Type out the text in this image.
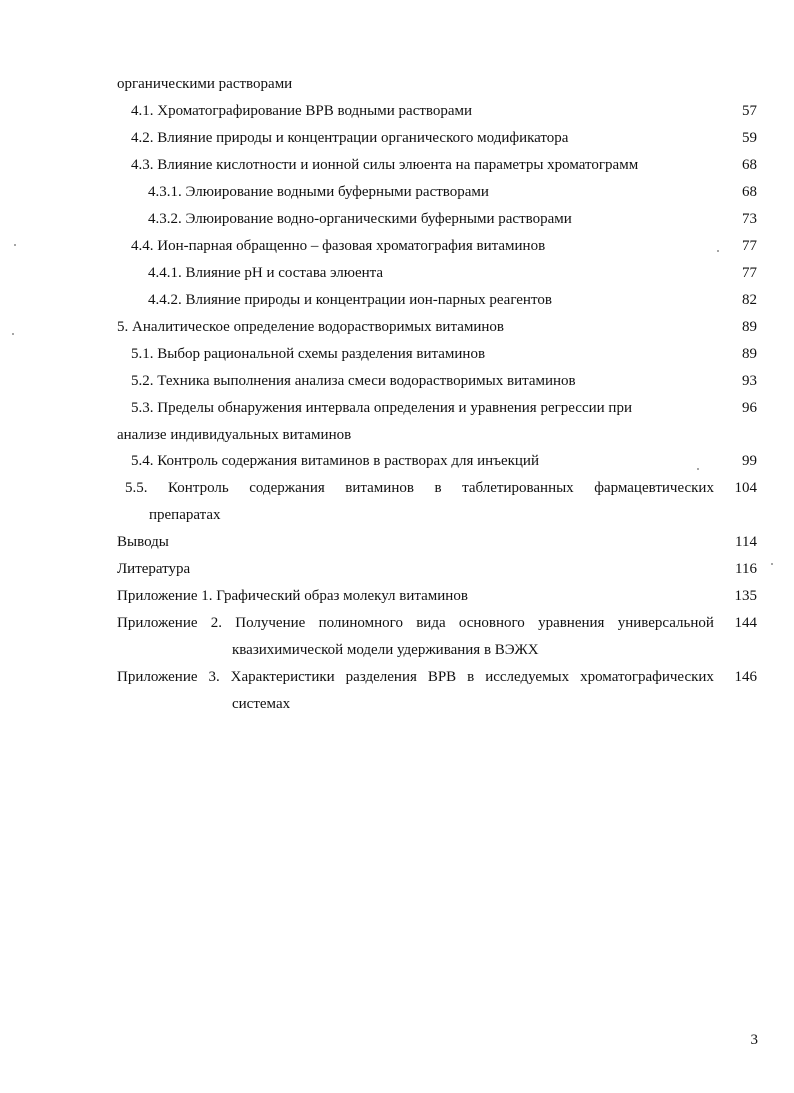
органическими растворами
4.1. Хроматографирование ВРВ водными растворами	57
4.2. Влияние природы и концентрации органического модификатора	59
4.3. Влияние кислотности и ионной силы элюента на параметры хроматограмм	68
4.3.1. Элюирование водными буферными растворами	68
4.3.2. Элюирование водно-органическими буферными растворами	73
4.4. Ион-парная обращенно – фазовая хроматография витаминов	77
4.4.1. Влияние pH и состава элюента	77
4.4.2. Влияние природы и концентрации ион-парных реагентов	82
5. Аналитическое определение водорастворимых витаминов	89
5.1. Выбор рациональной схемы разделения витаминов	89
5.2. Техника выполнения анализа смеси водорастворимых витаминов	93
5.3. Пределы обнаружения интервала определения и уравнения регрессии при	96
анализе индивидуальных витаминов
5.4. Контроль содержания витаминов в растворах для инъекций	99
5.5. Контроль содержания витаминов в таблетированных фармацевтических 104
препаратах
Выводы	114
Литература	116
Приложение 1. Графический образ молекул витаминов	135
Приложение 2. Получение полиномного вида основного уравнения универсальной 144
квазихимической модели удерживания в ВЭЖХ
Приложение 3. Характеристики разделения ВРВ в исследуемых хроматографических 146
системах
3
